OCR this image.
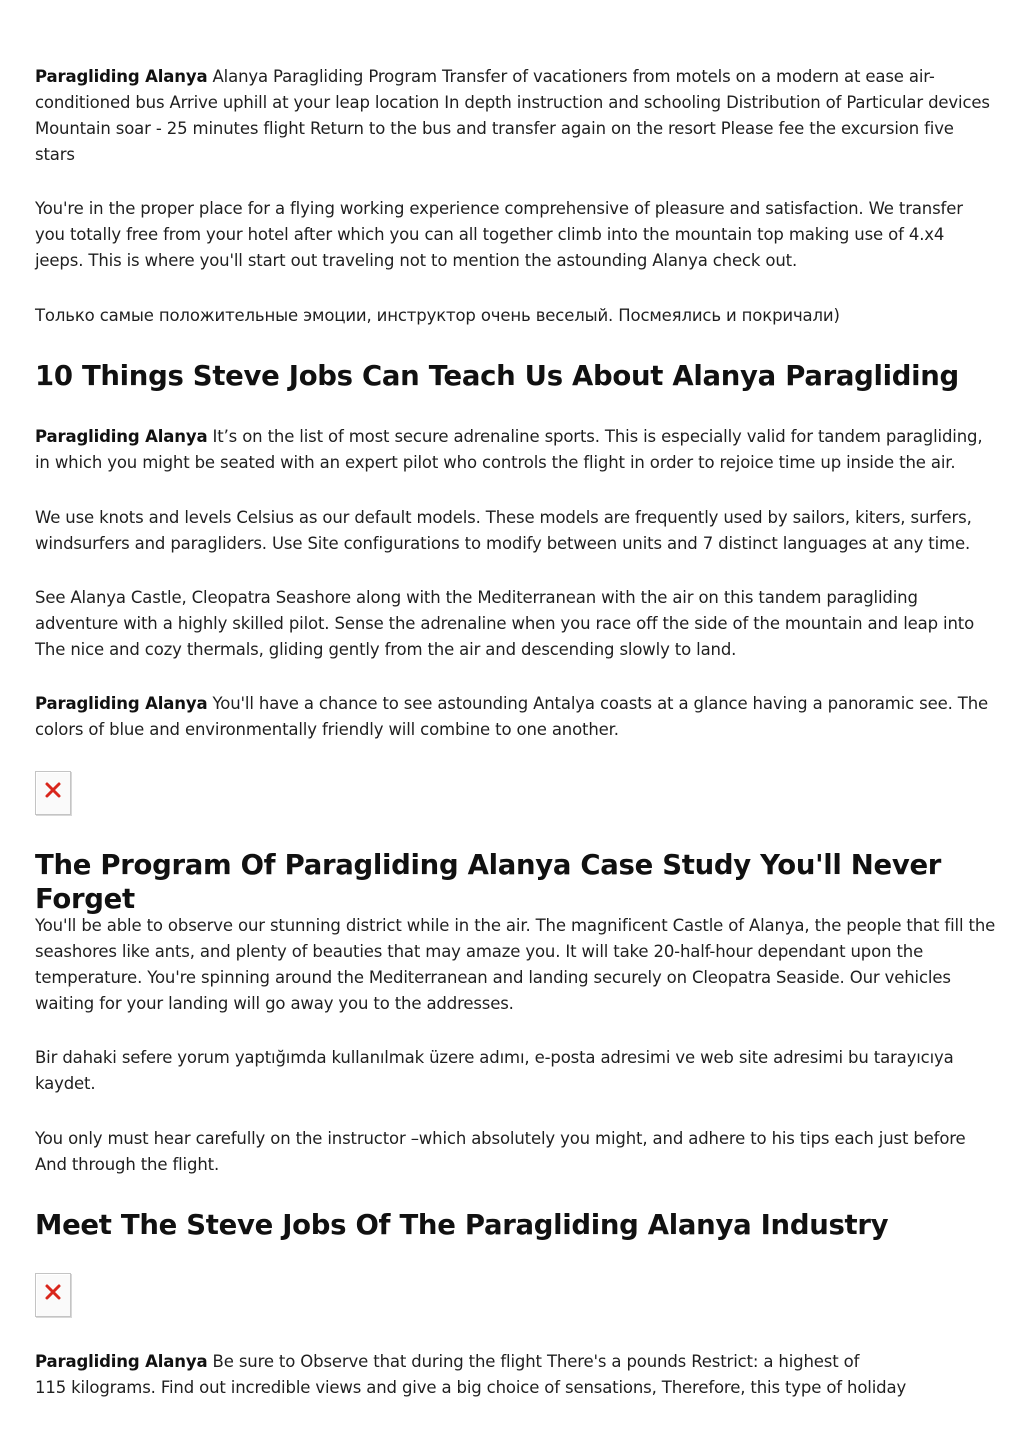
Paragliding Alanya Alanya Paragliding Program Transfer of vacationers from motels on a modern at ease air-conditioned bus Arrive uphill at your leap location In depth instruction and schooling Distribution of Particular devices Mountain soar - 25 minutes flight Return to the bus and transfer again on the resort Please fee the excursion five stars

You're in the proper place for a flying working experience comprehensive of pleasure and satisfaction. We transfer you totally free from your hotel after which you can all together climb into the mountain top making use of 4.x4 jeeps. This is where you'll start out traveling not to mention the astounding Alanya check out.

Только самые положительные эмоции, инструктор очень веселый. Посмеялись и покричали)

10 Things Steve Jobs Can Teach Us About Alanya Paragliding

Paragliding Alanya It’s on the list of most secure adrenaline sports. This is especially valid for tandem paragliding, in which you might be seated with an expert pilot who controls the flight in order to rejoice time up inside the air.

We use knots and levels Celsius as our default models. These models are frequently used by sailors, kiters, surfers, windsurfers and paragliders. Use Site configurations to modify between units and 7 distinct languages at any time.

See Alanya Castle, Cleopatra Seashore along with the Mediterranean with the air on this tandem paragliding adventure with a highly skilled pilot. Sense the adrenaline when you race off the side of the mountain and leap into The nice and cozy thermals, gliding gently from the air and descending slowly to land.

Paragliding Alanya You'll have a chance to see astounding Antalya coasts at a glance having a panoramic see. The colors of blue and environmentally friendly will combine to one another.

The Program Of Paragliding Alanya Case Study You'll Never Forget

You'll be able to observe our stunning district while in the air. The magnificent Castle of Alanya, the people that fill the seashores like ants, and plenty of beauties that may amaze you. It will take 20-half-hour dependant upon the temperature. You're spinning around the Mediterranean and landing securely on Cleopatra Seaside. Our vehicles waiting for your landing will go away you to the addresses.

Bir dahaki sefere yorum yaptığımda kullanılmak üzere adımı, e-posta adresimi ve web site adresimi bu tarayıcıya kaydet.

You only must hear carefully on the instructor –which absolutely you might, and adhere to his tips each just before And through the flight.

Meet The Steve Jobs Of The Paragliding Alanya Industry

Paragliding Alanya Be sure to Observe that during the flight There's a pounds Restrict: a highest of
115 kilograms. Find out incredible views and give a big choice of sensations, Therefore, this type of holiday
